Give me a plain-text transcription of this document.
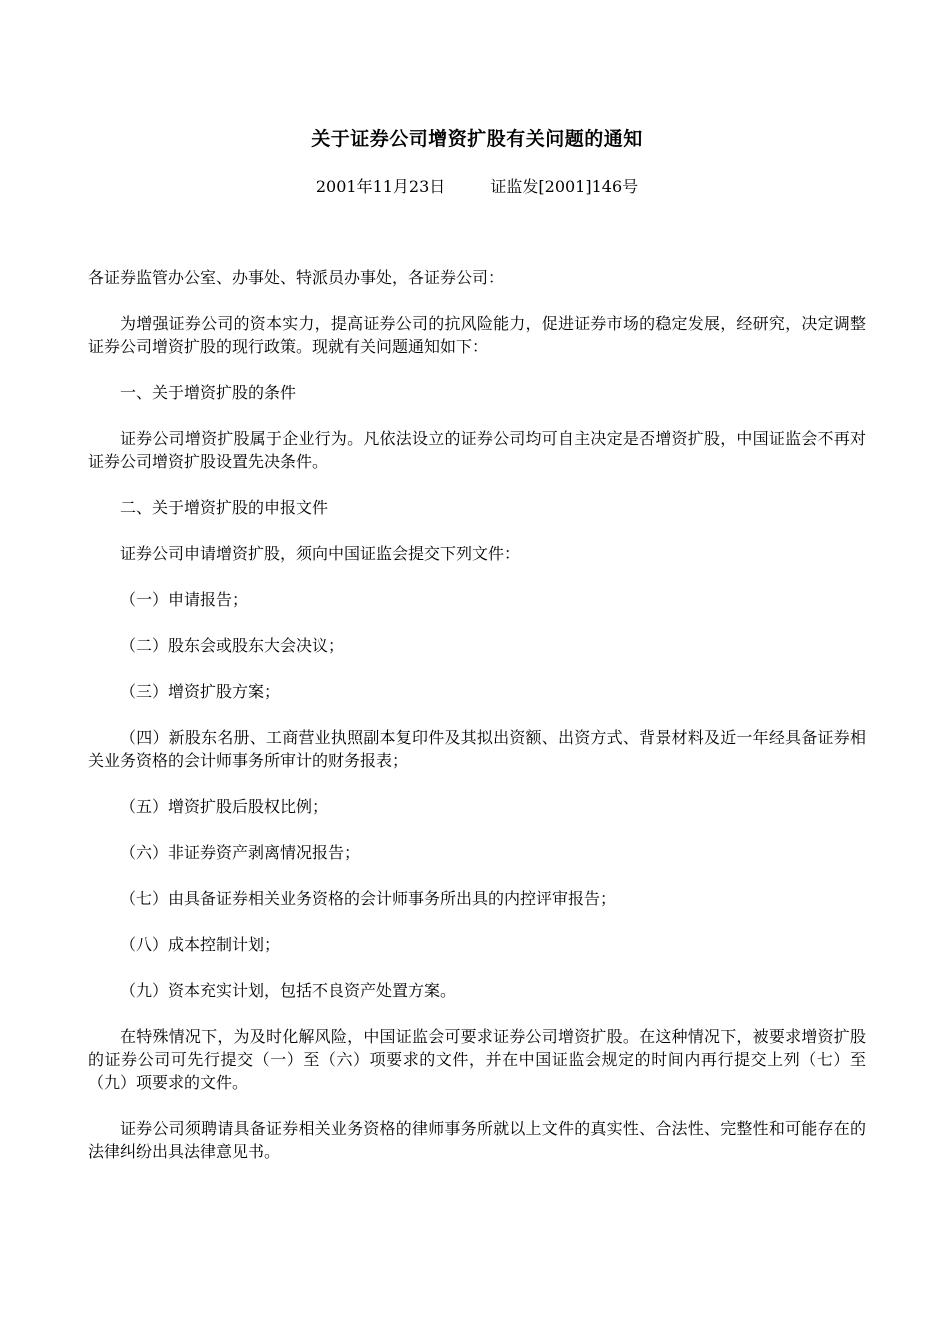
关于证券公司增资扩股有关问题的通知
2001年11月23日	证监发[2001]146号

各证券监管办公室、办事处、特派员办事处，各证券公司：

为增强证券公司的资本实力，提高证券公司的抗风险能力，促进证券市场的稳定发展，经研究，决定调整证券公司增资扩股的现行政策。现就有关问题通知如下：

一、关于增资扩股的条件

证券公司增资扩股属于企业行为。凡依法设立的证券公司均可自主决定是否增资扩股，中国证监会不再对证券公司增资扩股设置先决条件。

二、关于增资扩股的申报文件

证券公司申请增资扩股，须向中国证监会提交下列文件：

（一）申请报告；

（二）股东会或股东大会决议；

（三）增资扩股方案；

（四）新股东名册、工商营业执照副本复印件及其拟出资额、出资方式、背景材料及近一年经具备证券相关业务资格的会计师事务所审计的财务报表；

（五）增资扩股后股权比例；

（六）非证券资产剥离情况报告；

（七）由具备证券相关业务资格的会计师事务所出具的内控评审报告；

（八）成本控制计划；

（九）资本充实计划，包括不良资产处置方案。

在特殊情况下，为及时化解风险，中国证监会可要求证券公司增资扩股。在这种情况下，被要求增资扩股的证券公司可先行提交（一）至（六）项要求的文件，并在中国证监会规定的时间内再行提交上列（七）至（九）项要求的文件。

证券公司须聘请具备证券相关业务资格的律师事务所就以上文件的真实性、合法性、完整性和可能存在的法律纠纷出具法律意见书。
